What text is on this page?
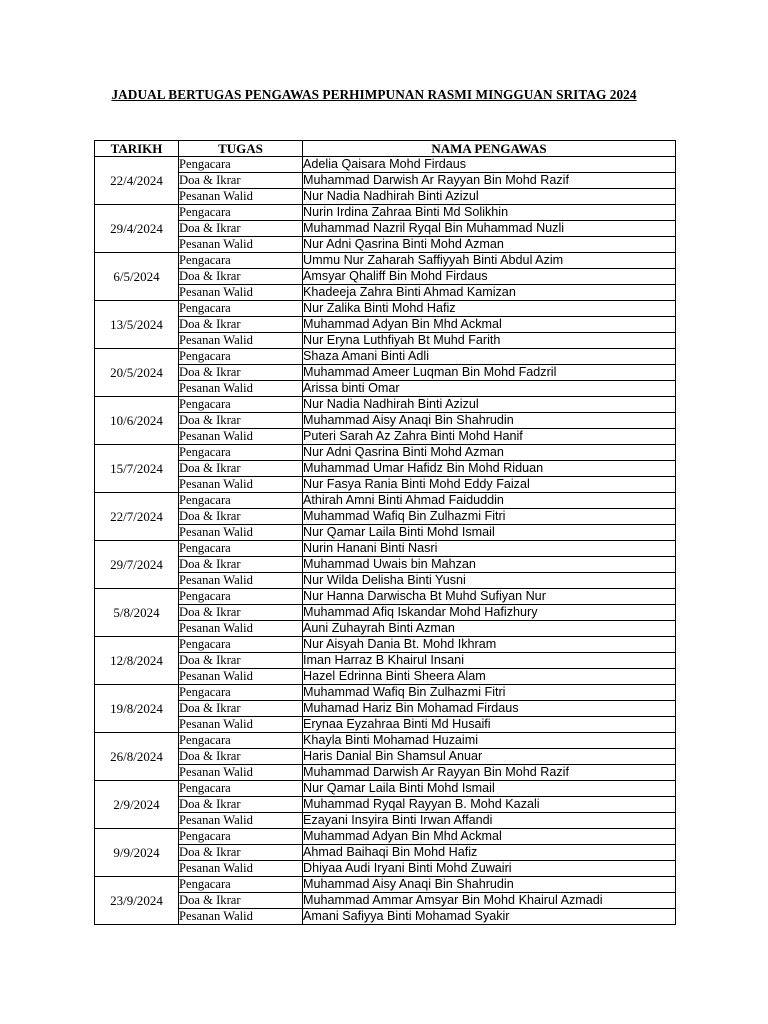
JADUAL BERTUGAS PENGAWAS PERHIMPUNAN RASMI MINGGUAN SRITAG 2024
TARIKH	TUGAS	NAMA PENGAWAS
22/4/2024	Pengacara	Adelia Qaisara Mohd Firdaus
	Doa & Ikrar	Muhammad Darwish Ar Rayyan Bin Mohd Razif
	Pesanan Walid	Nur Nadia Nadhirah Binti Azizul
29/4/2024	Pengacara	Nurin Irdina Zahraa Binti Md Solikhin
	Doa & Ikrar	Muhammad Nazril Ryqal Bin Muhammad Nuzli
	Pesanan Walid	Nur Adni Qasrina Binti Mohd Azman
6/5/2024	Pengacara	Ummu Nur Zaharah Saffiyyah Binti Abdul Azim
	Doa & Ikrar	Amsyar Qhaliff Bin Mohd Firdaus
	Pesanan Walid	Khadeeja Zahra Binti Ahmad Kamizan
13/5/2024	Pengacara	Nur Zalika Binti Mohd Hafiz
	Doa & Ikrar	Muhammad Adyan Bin Mhd Ackmal
	Pesanan Walid	Nur Eryna Luthfiyah Bt Muhd Farith
20/5/2024	Pengacara	Shaza Amani Binti Adli
	Doa & Ikrar	Muhammad Ameer Luqman Bin Mohd Fadzril
	Pesanan Walid	Arissa binti Omar
10/6/2024	Pengacara	Nur Nadia Nadhirah Binti Azizul
	Doa & Ikrar	Muhammad Aisy Anaqi Bin Shahrudin
	Pesanan Walid	Puteri Sarah Az Zahra Binti Mohd Hanif
15/7/2024	Pengacara	Nur Adni Qasrina Binti Mohd Azman
	Doa & Ikrar	Muhammad Umar Hafidz Bin Mohd Riduan
	Pesanan Walid	Nur Fasya Rania Binti Mohd Eddy Faizal
22/7/2024	Pengacara	Athirah Amni Binti Ahmad Faiduddin
	Doa & Ikrar	Muhammad Wafiq Bin Zulhazmi Fitri
	Pesanan Walid	Nur Qamar Laila Binti Mohd Ismail
29/7/2024	Pengacara	Nurin Hanani Binti Nasri
	Doa & Ikrar	Muhammad Uwais bin Mahzan
	Pesanan Walid	Nur Wilda Delisha Binti Yusni
5/8/2024	Pengacara	Nur Hanna Darwischa Bt Muhd Sufiyan Nur
	Doa & Ikrar	Muhammad Afiq Iskandar Mohd Hafizhury
	Pesanan Walid	Auni Zuhayrah Binti Azman
12/8/2024	Pengacara	Nur Aisyah Dania Bt. Mohd Ikhram
	Doa & Ikrar	Iman Harraz B Khairul Insani
	Pesanan Walid	Hazel Edrinna Binti Sheera Alam
19/8/2024	Pengacara	Muhammad Wafiq Bin Zulhazmi Fitri
	Doa & Ikrar	Muhamad Hariz Bin Mohamad Firdaus
	Pesanan Walid	Erynaa Eyzahraa Binti Md Husaifi
26/8/2024	Pengacara	Khayla Binti Mohamad Huzaimi
	Doa & Ikrar	Haris Danial Bin Shamsul Anuar
	Pesanan Walid	Muhammad Darwish Ar Rayyan Bin Mohd Razif
2/9/2024	Pengacara	Nur Qamar Laila Binti Mohd Ismail
	Doa & Ikrar	Muhammad Ryqal Rayyan B. Mohd Kazali
	Pesanan Walid	Ezayani Insyira Binti Irwan Affandi
9/9/2024	Pengacara	Muhammad Adyan Bin Mhd Ackmal
	Doa & Ikrar	Ahmad Baihaqi Bin Mohd Hafiz
	Pesanan Walid	Dhiyaa Audi Iryani Binti Mohd Zuwairi
23/9/2024	Pengacara	Muhammad Aisy Anaqi Bin Shahrudin
	Doa & Ikrar	Muhammad Ammar Amsyar Bin Mohd Khairul Azmadi
	Pesanan Walid	Amani Safiyya Binti Mohamad Syakir
